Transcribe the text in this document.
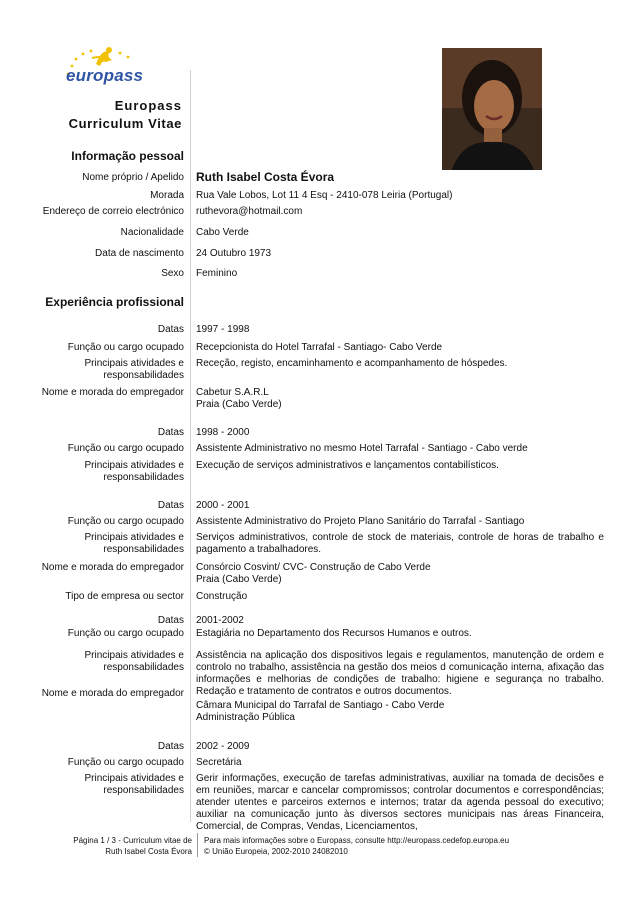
europass
Europass
Curriculum Vitae
Informação pessoal
Nome próprio / Apelido Ruth Isabel Costa Évora
Morada Rua Vale Lobos, Lot 11 4 Esq - 2410-078 Leiria (Portugal)
Endereço de correio electrónico ruthevora@hotmail.com
Nacionalidade Cabo Verde
Data de nascimento 24 Outubro 1973
Sexo Feminino
Experiência profissional
Datas 1997 - 1998
Função ou cargo ocupado Recepcionista do Hotel Tarrafal - Santiago- Cabo Verde
Principais atividades e
responsabilidades
Receção, registo, encaminhamento e acompanhamento de hóspedes.
Nome e morada do empregador Cabetur S.A.R.L
Praia (Cabo Verde)
Datas 1998 - 2000
Função ou cargo ocupado Assistente Administrativo no mesmo Hotel Tarrafal - Santiago - Cabo verde
Principais atividades e
responsabilidades
Execução de serviços administrativos e lançamentos contabilísticos.
Datas 2000 - 2001
Função ou cargo ocupado Assistente Administrativo do Projeto Plano Sanitário do Tarrafal - Santiago
Principais atividades e
responsabilidades
Serviços administrativos, controle de stock de materiais, controle de horas de trabalho e pagamento a trabalhadores.
Nome e morada do empregador Consórcio Cosvint/ CVC- Construção de Cabo Verde
Praia (Cabo Verde)
Tipo de empresa ou sector Construção
Datas 2001-2002
Função ou cargo ocupado Estagiária no Departamento dos Recursos Humanos e outros.
Principais atividades e
responsabilidades
Assistência na aplicação dos dispositivos legais e regulamentos, manutenção de ordem e controlo no trabalho, assistência na gestão dos meios d comunicação interna, afixação das informações e melhorias de condições de trabalho: higiene e segurança no trabalho. Redação e tratamento de contratos e outros documentos.
Nome e morada do empregador
Câmara Municipal do Tarrafal de Santiago - Cabo Verde
Administração Pública
Datas 2002 - 2009
Função ou cargo ocupado Secretária
Principais atividades e
responsabilidades
Gerir informações, execução de tarefas administrativas, auxiliar na tomada de decisões e em reuniões, marcar e cancelar compromissos; controlar documentos e correspondências; atender utentes e parceiros externos e internos; tratar da agenda pessoal do executivo; auxiliar na comunicação junto às diversos sectores municipais nas áreas Financeira, Comercial, de Compras, Vendas, Licenciamentos,
Página 1 / 3 - Curriculum vitae de
Ruth Isabel Costa Évora
Para mais informações sobre o Europass, consulte http://europass.cedefop.europa.eu
© União Europeia, 2002-2010 24082010
